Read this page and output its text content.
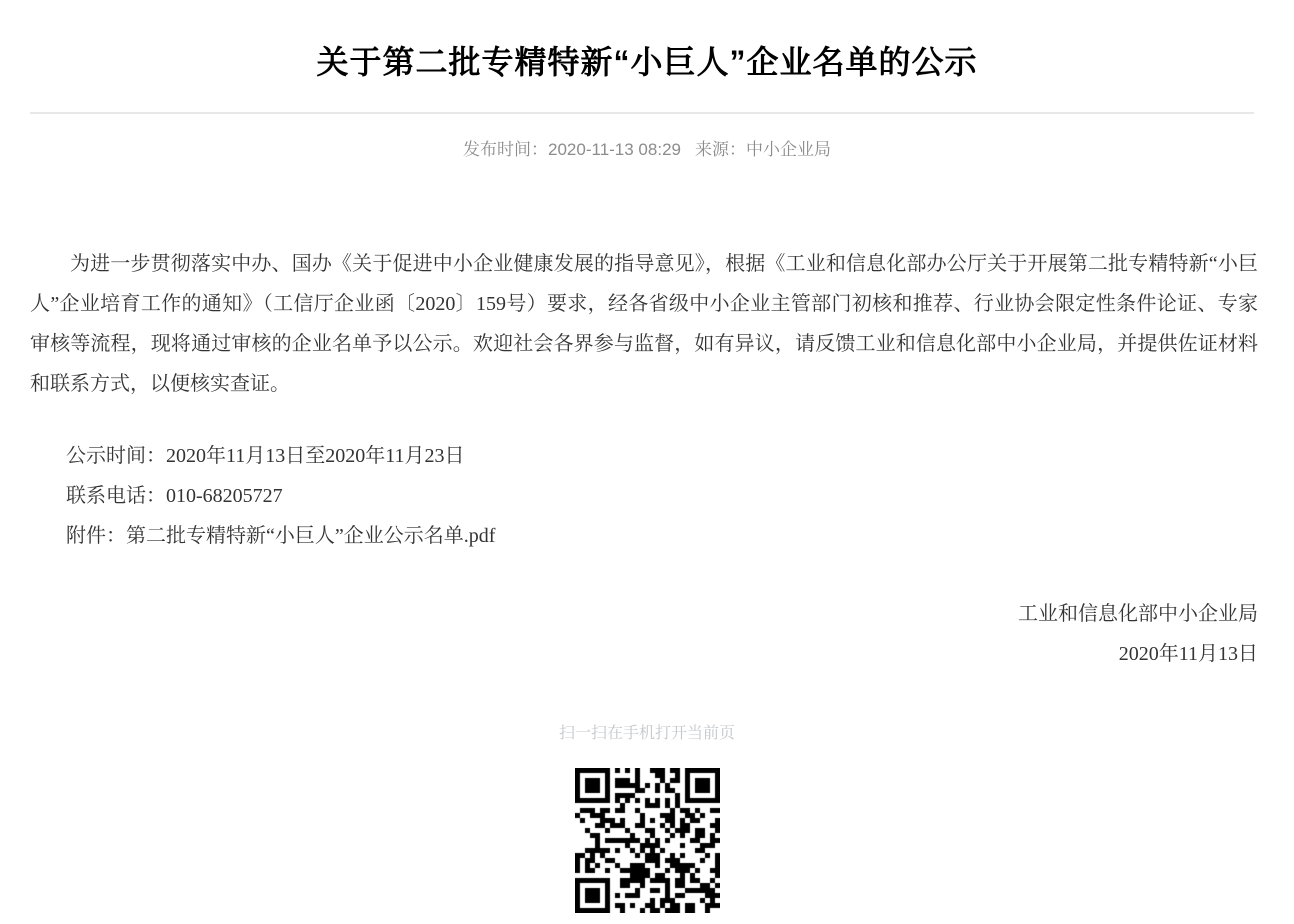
关于第二批专精特新“小巨人”企业名单的公示
发布时间：2020-11-13 08:29 来源：中小企业局

为进一步贯彻落实中办、国办《关于促进中小企业健康发展的指导意见》，根据《工业和信息化部办公厅关于开展第二批专精特新“小巨人”企业培育工作的通知》（工信厅企业函〔2020〕159号）要求，经各省级中小企业主管部门初核和推荐、行业协会限定性条件论证、专家审核等流程，现将通过审核的企业名单予以公示。欢迎社会各界参与监督，如有异议，请反馈工业和信息化部中小企业局，并提供佐证材料和联系方式，以便核实查证。

公示时间：2020年11月13日至2020年11月23日
联系电话：010-68205727
附件：第二批专精特新“小巨人”企业公示名单.pdf
工业和信息化部中小企业局
2020年11月13日
扫一扫在手机打开当前页
